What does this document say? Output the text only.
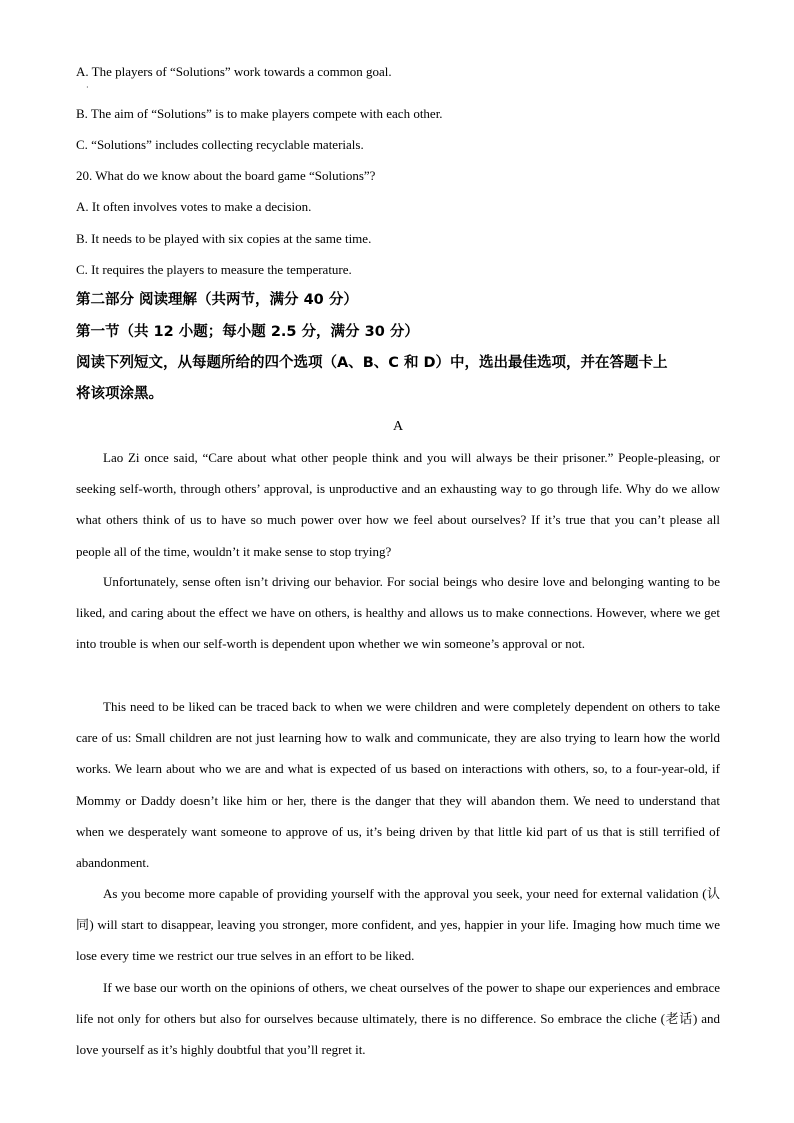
A. The players of “Solutions” work towards a common goal.
·
B. The aim of “Solutions” is to make players compete with each other.
C. “Solutions” includes collecting recyclable materials.
20. What do we know about the board game “Solutions”?
A. It often involves votes to make a decision.
B. It needs to be played with six copies at the same time.
C. It requires the players to measure the temperature.
第二部分 阅读理解（共两节，满分 40 分）
第一节（共 12 小题；每小题 2.5 分，满分 30 分）
阅读下列短文，从每题所给的四个选项（A、B、C 和 D）中，选出最佳选项，并在答题卡上
将该项涂黑。
A

Lao Zi once said, “Care about what other people think and you will always be their prisoner.” People-pleasing, or seeking self-worth, through others’ approval, is unproductive and an exhausting way to go through life. Why do we allow what others think of us to have so much power over how we feel about ourselves? If it’s true that you can’t please all people all of the time, wouldn’t it make sense to stop trying?

Unfortunately, sense often isn’t driving our behavior. For social beings who desire love and belonging wanting to be liked, and caring about the effect we have on others, is healthy and allows us to make connections. However, where we get into trouble is when our self-worth is dependent upon whether we win someone’s approval or not.

This need to be liked can be traced back to when we were children and were completely dependent on others to take care of us: Small children are not just learning how to walk and communicate, they are also trying to learn how the world works. We learn about who we are and what is expected of us based on interactions with others, so, to a four-year-old, if Mommy or Daddy doesn’t like him or her, there is the danger that they will abandon them. We need to understand that when we desperately want someone to approve of us, it’s being driven by that little kid part of us that is still terrified of abandonment.

As you become more capable of providing yourself with the approval you seek, your need for external validation (认同) will start to disappear, leaving you stronger, more confident, and yes, happier in your life. Imaging how much time we lose every time we restrict our true selves in an effort to be liked.

If we base our worth on the opinions of others, we cheat ourselves of the power to shape our experiences and embrace life not only for others but also for ourselves because ultimately, there is no difference. So embrace the cliche (老话) and love yourself as it’s highly doubtful that you’ll regret it.
